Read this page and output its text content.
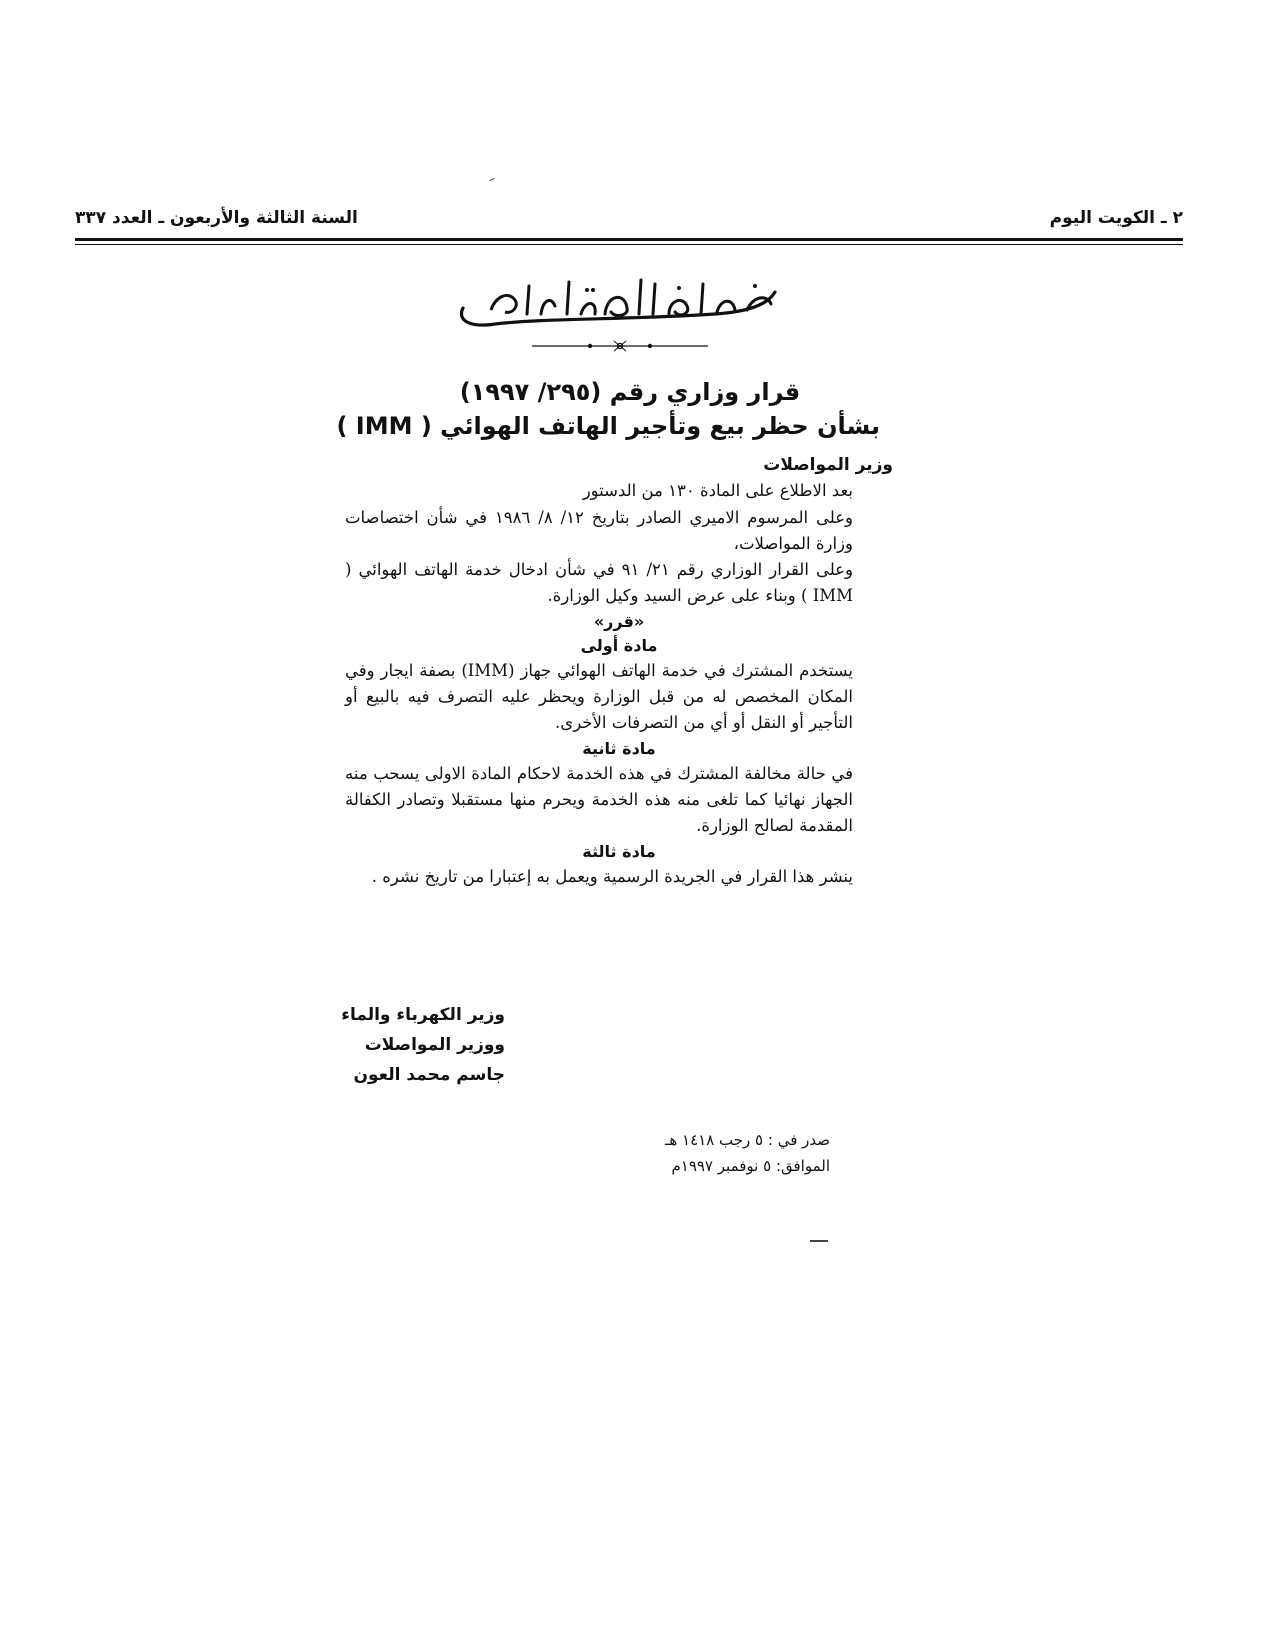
السنة الثالثة والأربعون ـ العدد ٣٣٧	٢ ـ الكويت اليوم
قرار وزاري رقم (٢٩٥/ ١٩٩٧)
بشأن حظر بيع وتأجير الهاتف الهوائي ( IMM )

وزير المواصلات

بعد الاطلاع على المادة ١٣٠ من الدستور

وعلى المرسوم الاميري الصادر بتاريخ ١٢/ ٨/ ١٩٨٦ في شأن اختصاصات وزارة المواصلات،

وعلى القرار الوزاري رقم ٢١/ ٩١ في شأن ادخال خدمة الهاتف الهوائي ( IMM ) وبناء على عرض السيد وكيل الوزارة.

«قرر»

مادة أولى

يستخدم المشترك في خدمة الهاتف الهوائي جهاز (IMM) بصفة ايجار وفي المكان المخصص له من قبل الوزارة ويحظر عليه التصرف فيه بالبيع أو التأجير أو النقل أو أي من التصرفات الأخرى.

مادة ثانية

في حالة مخالفة المشترك في هذه الخدمة لاحكام المادة الاولى يسحب منه الجهاز نهائيا كما تلغى منه هذه الخدمة ويحرم منها مستقبلا وتصادر الكفالة المقدمة لصالح الوزارة.

مادة ثالثة

ينشر هذا القرار في الجريدة الرسمية ويعمل به إعتبارا من تاريخ نشره .

وزير الكهرباء والماء
ووزير المواصلات
جاسم محمد العون
صدر في : ٥ رجب ١٤١٨ هـ
الموافق: ٥ نوفمبر ١٩٩٧م
